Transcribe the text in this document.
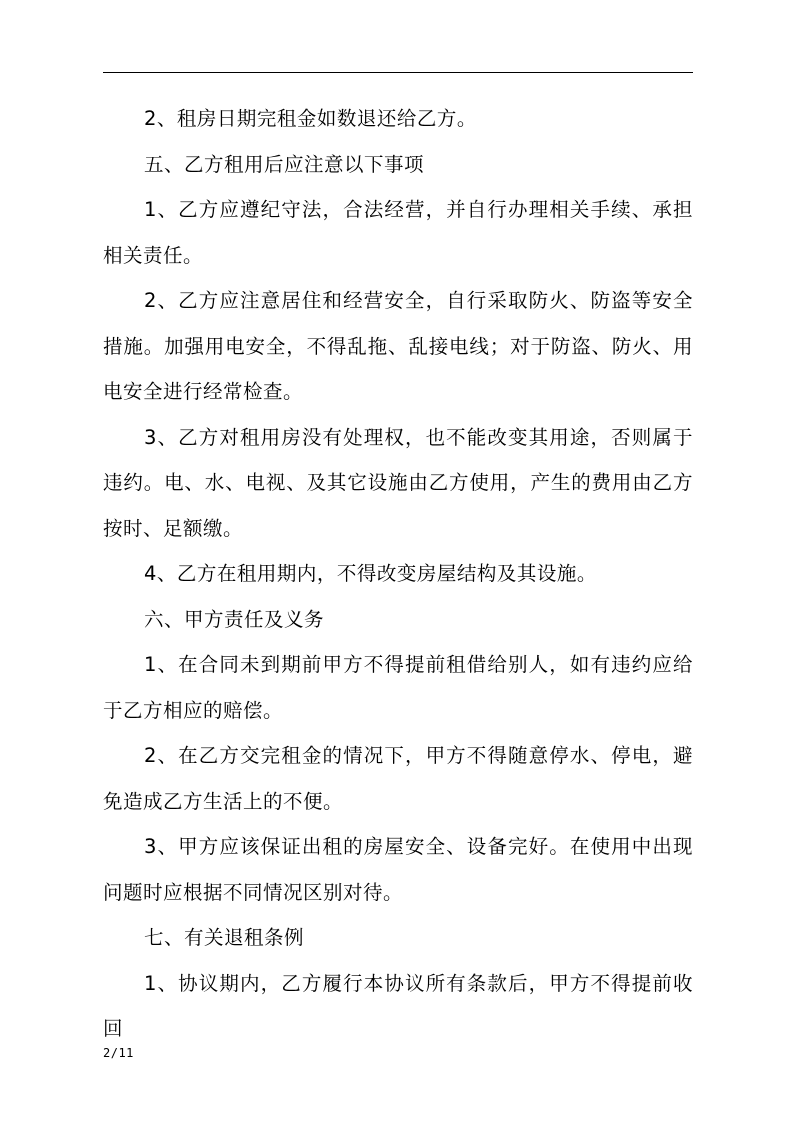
2、租房日期完租金如数退还给乙方。

五、乙方租用后应注意以下事项

1、乙方应遵纪守法，合法经营，并自行办理相关手续、承担相关责任。

2、乙方应注意居住和经营安全，自行采取防火、防盗等安全措施。加强用电安全，不得乱拖、乱接电线；对于防盗、防火、用电安全进行经常检查。

3、乙方对租用房没有处理权，也不能改变其用途，否则属于违约。电、水、电视、及其它设施由乙方使用，产生的费用由乙方按时、足额缴。

4、乙方在租用期内，不得改变房屋结构及其设施。

六、甲方责任及义务

1、在合同未到期前甲方不得提前租借给别人，如有违约应给于乙方相应的赔偿。

2、在乙方交完租金的情况下，甲方不得随意停水、停电，避免造成乙方生活上的不便。

3、甲方应该保证出租的房屋安全、设备完好。在使用中出现问题时应根据不同情况区别对待。

七、有关退租条例

1、协议期内，乙方履行本协议所有条款后，甲方不得提前收回

2/11
